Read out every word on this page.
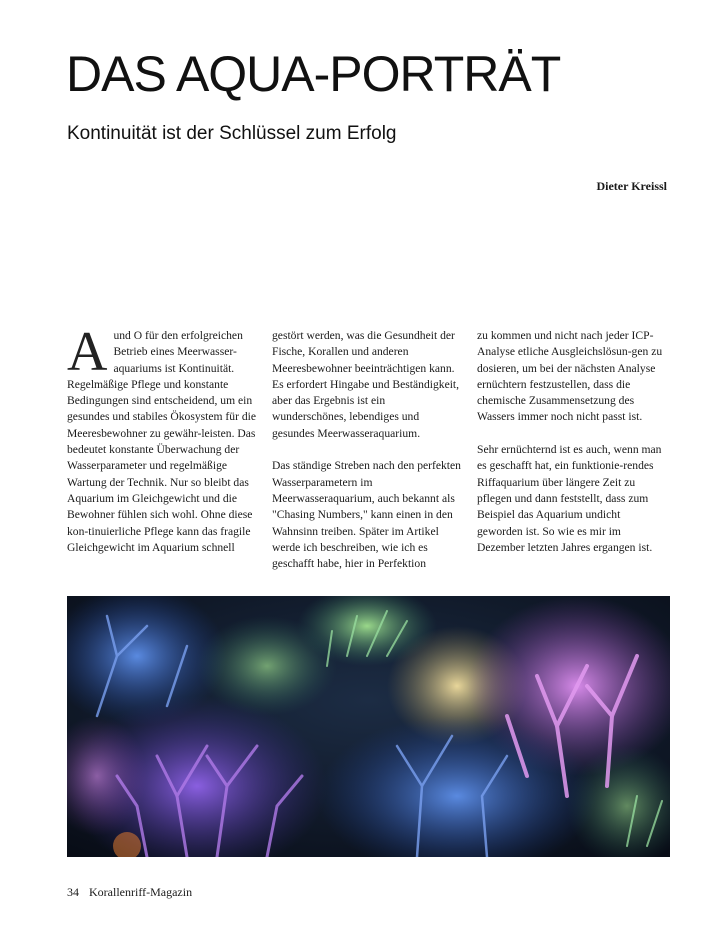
DAS AQUA-PORTRÄT
Kontinuität ist der Schlüssel zum Erfolg
Dieter Kreissl
A und O für den erfolgreichen Betrieb eines Meerwasser-aquariums ist Kontinuität. Regelmäßige Pflege und konstante Bedingungen sind entscheidend, um ein gesundes und stabiles Ökosystem für die Meeresbewohner zu gewähr-leisten. Das bedeutet konstante Überwachung der Wasserparameter und regelmäßige Wartung der Technik. Nur so bleibt das Aquarium im Gleichgewicht und die Bewohner fühlen sich wohl. Ohne diese kon-tinuierliche Pflege kann das fragile Gleichgewicht im Aquarium schnell

gestört werden, was die Gesundheit der Fische, Korallen und anderen Meeresbewohner beeinträchtigen kann. Es erfordert Hingabe und Beständigkeit, aber das Ergebnis ist ein wunderschönes, lebendiges und gesundes Meerwasseraquarium.

Das ständige Streben nach den perfekten Wasserparametern im Meerwasseraquarium, auch bekannt als "Chasing Numbers," kann einen in den Wahnsinn treiben. Später im Artikel werde ich beschreiben, wie ich es geschafft habe, hier in Perfektion

zu kommen und nicht nach jeder ICP-Analyse etliche Ausgleichslösun-gen zu dosieren, um bei der nächsten Analyse ernüchtern festzustellen, dass die chemische Zusammensetzung des Wassers immer noch nicht passt ist.

Sehr ernüchternd ist es auch, wenn man es geschafft hat, ein funktionie-rendes Riffaquarium über längere Zeit zu pflegen und dann feststellt, dass zum Beispiel das Aquarium undicht geworden ist. So wie es mir im Dezember letzten Jahres ergangen ist.

34 Korallenriff-Magazin
